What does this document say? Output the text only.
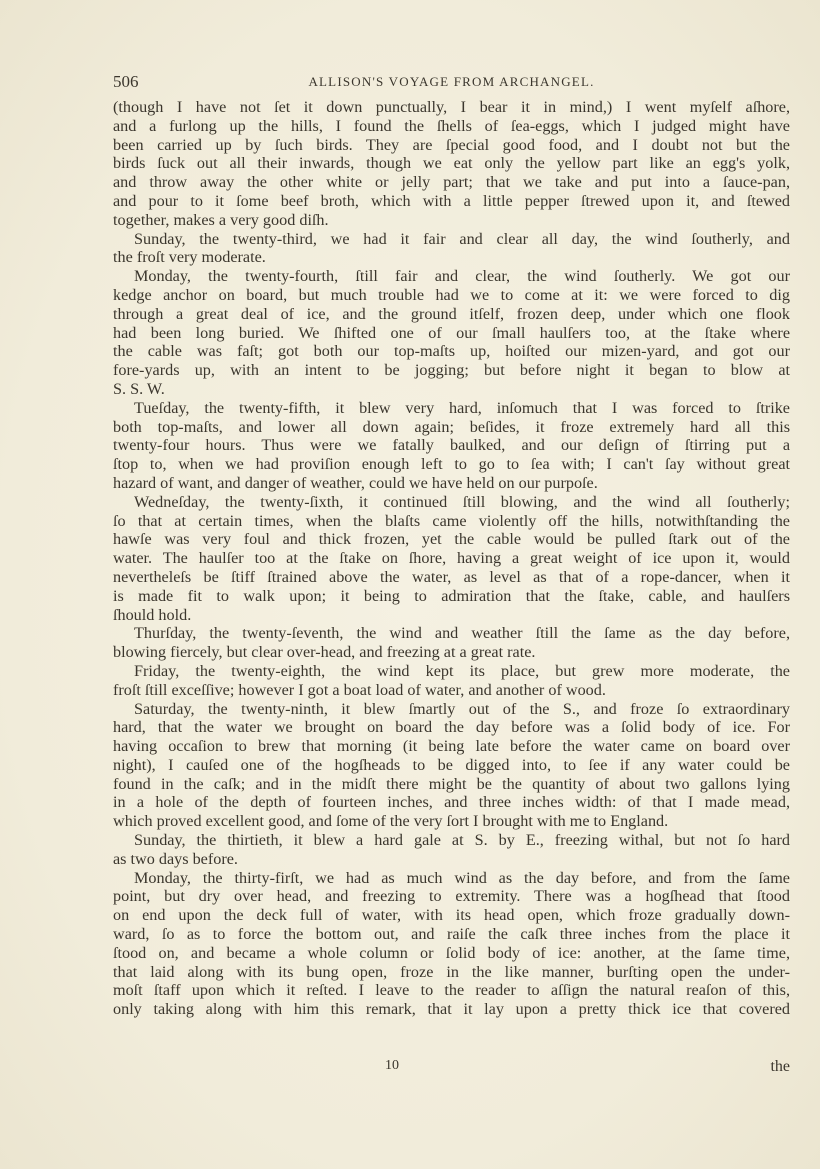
506	ALLISON'S VOYAGE FROM ARCHANGEL.
(though I have not ſet it down punctually, I bear it in mind,) I went myſelf aſhore,
and a furlong up the hills, I found the ſhells of ſea-eggs, which I judged might have
been carried up by ſuch birds. They are ſpecial good food, and I doubt not but the
birds ſuck out all their inwards, though we eat only the yellow part like an egg's yolk,
and throw away the other white or jelly part; that we take and put into a ſauce-pan,
and pour to it ſome beef broth, which with a little pepper ſtrewed upon it, and ſtewed
together, makes a very good diſh.
Sunday, the twenty-third, we had it fair and clear all day, the wind ſoutherly, and
the froſt very moderate.
Monday, the twenty-fourth, ſtill fair and clear, the wind ſoutherly. We got our
kedge anchor on board, but much trouble had we to come at it: we were forced to dig
through a great deal of ice, and the ground itſelf, frozen deep, under which one flook
had been long buried. We ſhifted one of our ſmall haulſers too, at the ſtake where
the cable was faſt; got both our top-maſts up, hoiſted our mizen-yard, and got our
fore-yards up, with an intent to be jogging; but before night it began to blow at
S. S. W.
Tueſday, the twenty-fifth, it blew very hard, inſomuch that I was forced to ſtrike
both top-maſts, and lower all down again; beſides, it froze extremely hard all this
twenty-four hours. Thus were we fatally baulked, and our deſign of ſtirring put a
ſtop to, when we had proviſion enough left to go to ſea with; I can't ſay without great
hazard of want, and danger of weather, could we have held on our purpoſe.
Wedneſday, the twenty-ſixth, it continued ſtill blowing, and the wind all ſoutherly;
ſo that at certain times, when the blaſts came violently off the hills, notwithſtanding the
hawſe was very foul and thick frozen, yet the cable would be pulled ſtark out of the
water. The haulſer too at the ſtake on ſhore, having a great weight of ice upon it, would
nevertheleſs be ſtiff ſtrained above the water, as level as that of a rope-dancer, when it
is made fit to walk upon; it being to admiration that the ſtake, cable, and haulſers
ſhould hold.
Thurſday, the twenty-ſeventh, the wind and weather ſtill the ſame as the day before,
blowing fiercely, but clear over-head, and freezing at a great rate.
Friday, the twenty-eighth, the wind kept its place, but grew more moderate, the
froſt ſtill exceſſive; however I got a boat load of water, and another of wood.
Saturday, the twenty-ninth, it blew ſmartly out of the S., and froze ſo extraordinary
hard, that the water we brought on board the day before was a ſolid body of ice. For
having occaſion to brew that morning (it being late before the water came on board over
night), I cauſed one of the hogſheads to be digged into, to ſee if any water could be
found in the caſk; and in the midſt there might be the quantity of about two gallons lying
in a hole of the depth of fourteen inches, and three inches width: of that I made mead,
which proved excellent good, and ſome of the very ſort I brought with me to England.
Sunday, the thirtieth, it blew a hard gale at S. by E., freezing withal, but not ſo hard
as two days before.
Monday, the thirty-firſt, we had as much wind as the day before, and from the ſame
point, but dry over head, and freezing to extremity. There was a hogſhead that ſtood
on end upon the deck full of water, with its head open, which froze gradually down-
ward, ſo as to force the bottom out, and raiſe the caſk three inches from the place it
ſtood on, and became a whole column or ſolid body of ice: another, at the ſame time,
that laid along with its bung open, froze in the like manner, burſting open the under-
moſt ſtaff upon which it reſted. I leave to the reader to aſſign the natural reaſon of this,
only taking along with him this remark, that it lay upon a pretty thick ice that covered
10	the
